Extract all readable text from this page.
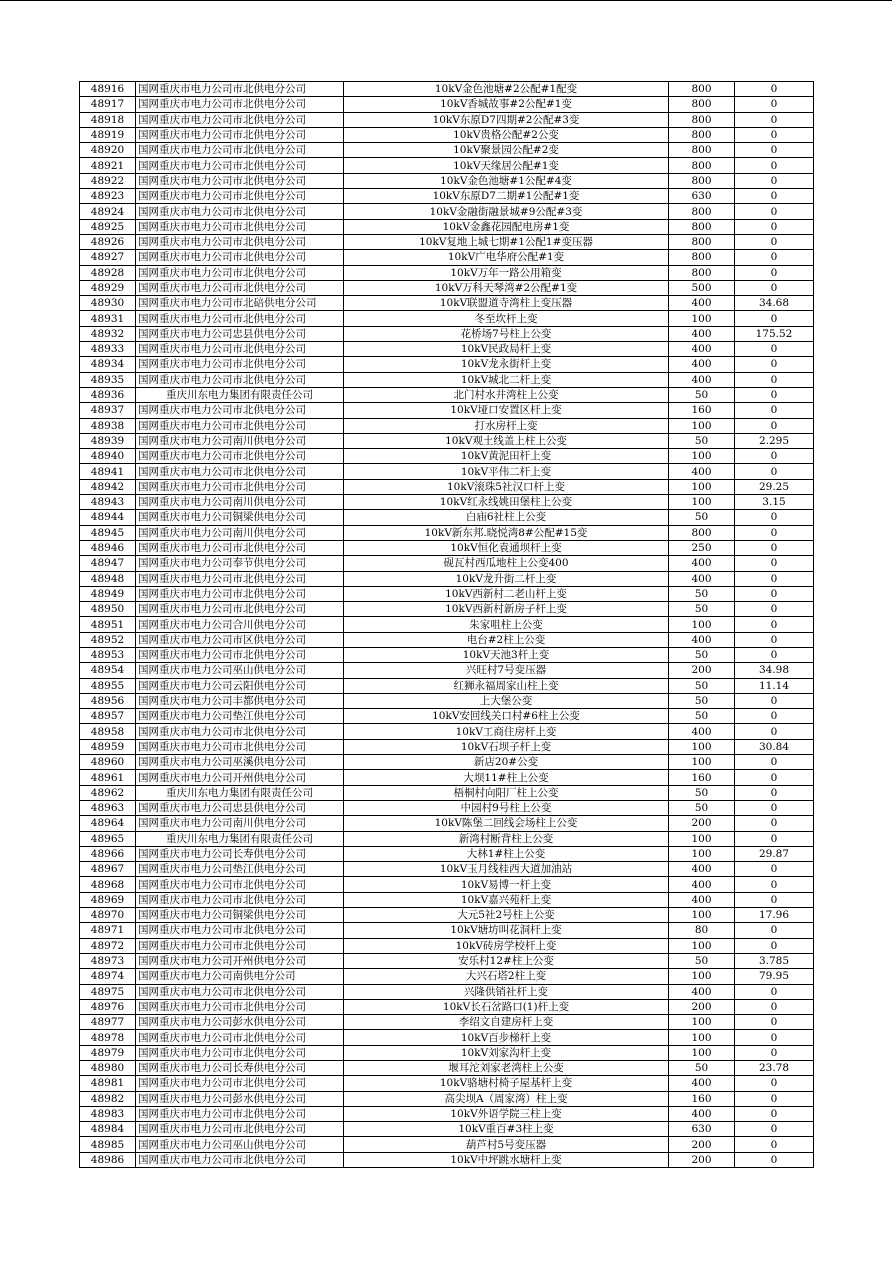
48916	国网重庆市电力公司市北供电分公司	10kV金色池塘#2公配#1配变	800	0
48917	国网重庆市电力公司市北供电分公司	10kV香城故事#2公配#1变	800	0
48918	国网重庆市电力公司市北供电分公司	10kV东原D7四期#2公配#3变	800	0
48919	国网重庆市电力公司市北供电分公司	10kV贵格公配#2公变	800	0
48920	国网重庆市电力公司市北供电分公司	10kV聚景园公配#2变	800	0
48921	国网重庆市电力公司市北供电分公司	10kV天缘居公配#1变	800	0
48922	国网重庆市电力公司市北供电分公司	10kV金色池塘#1公配#4变	800	0
48923	国网重庆市电力公司市北供电分公司	10kV东原D7二期#1公配#1变	630	0
48924	国网重庆市电力公司市北供电分公司	10kV金融街融景城#9公配#3变	800	0
48925	国网重庆市电力公司市北供电分公司	10kV金鑫花园配电房#1变	800	0
48926	国网重庆市电力公司市北供电分公司	10kV复地上城七期#1公配1#变压器	800	0
48927	国网重庆市电力公司市北供电分公司	10kV广电华府公配#1变	800	0
48928	国网重庆市电力公司市北供电分公司	10kV万年一路公用箱变	800	0
48929	国网重庆市电力公司市北供电分公司	10kV万科天琴湾#2公配#1变	500	0
48930	国网重庆市电力公司市北碚供电分公司	10kV联盟道寺湾柱上变压器	400	34.68
48931	国网重庆市电力公司市北供电分公司	冬至坎杆上变	100	0
48932	国网重庆市电力公司忠县供电分公司	花桥场7号柱上公变	400	175.52
48933	国网重庆市电力公司市北供电分公司	10kV民政局杆上变	400	0
48934	国网重庆市电力公司市北供电分公司	10kV龙永街杆上变	400	0
48935	国网重庆市电力公司市北供电分公司	10kV城北二杆上变	400	0
48936	重庆川东电力集团有限责任公司	北门村水井湾柱上公变	50	0
48937	国网重庆市电力公司市北供电分公司	10kV垭口安置区杆上变	160	0
48938	国网重庆市电力公司市北供电分公司	打水房杆上变	100	0
48939	国网重庆市电力公司南川供电分公司	10kV观土线盖上柱上公变	50	2.295
48940	国网重庆市电力公司市北供电分公司	10kV黄泥田杆上变	100	0
48941	国网重庆市电力公司市北供电分公司	10kV平伟二杆上变	400	0
48942	国网重庆市电力公司市北供电分公司	10kV滚珠5社汉口杆上变	100	29.25
48943	国网重庆市电力公司南川供电分公司	10kV红永线姚田堡柱上公变	100	3.15
48944	国网重庆市电力公司铜梁供电分公司	白庙6社柱上公变	50	0
48945	国网重庆市电力公司南川供电分公司	10kV新东邦.晓悦湾8#公配#15变	800	0
48946	国网重庆市电力公司市北供电分公司	10kV恒化袁通坝杆上变	250	0
48947	国网重庆市电力公司奉节供电分公司	砚瓦村西瓜地柱上公变400	400	0
48948	国网重庆市电力公司市北供电分公司	10kV龙升街二杆上变	400	0
48949	国网重庆市电力公司市北供电分公司	10kV西新村二老山杆上变	50	0
48950	国网重庆市电力公司市北供电分公司	10kV西新村新房子杆上变	50	0
48951	国网重庆市电力公司合川供电分公司	朱家咀柱上公变	100	0
48952	国网重庆市电力公司市区供电分公司	电台#2柱上公变	400	0
48953	国网重庆市电力公司市北供电分公司	10kV天池3杆上变	50	0
48954	国网重庆市电力公司巫山供电分公司	兴旺村7号变压器	200	34.98
48955	国网重庆市电力公司云阳供电分公司	红狮永福周家山柱上变	50	11.14
48956	国网重庆市电力公司丰都供电分公司	上大堡公变	50	0
48957	国网重庆市电力公司垫江供电分公司	10kV安回线关口村#6柱上公变	50	0
48958	国网重庆市电力公司市北供电分公司	10kV工商住房杆上变	400	0
48959	国网重庆市电力公司市北供电分公司	10kV石坝子杆上变	100	30.84
48960	国网重庆市电力公司巫溪供电分公司	新店20#公变	100	0
48961	国网重庆市电力公司开州供电分公司	大坝11#柱上公变	160	0
48962	重庆川东电力集团有限责任公司	梧桐村向阳厂柱上公变	50	0
48963	国网重庆市电力公司忠县供电分公司	中园村9号柱上公变	50	0
48964	国网重庆市电力公司南川供电分公司	10kV陈堡二回线会场柱上公变	200	0
48965	重庆川东电力集团有限责任公司	新湾村断背柱上公变	100	0
48966	国网重庆市电力公司长寿供电分公司	大林1#柱上公变	100	29.87
48967	国网重庆市电力公司垫江供电分公司	10kV玉月线桂西大道加油站	400	0
48968	国网重庆市电力公司市北供电分公司	10kV易博一杆上变	400	0
48969	国网重庆市电力公司市北供电分公司	10kV嘉兴苑杆上变	400	0
48970	国网重庆市电力公司铜梁供电分公司	大元5社2号柱上公变	100	17.96
48971	国网重庆市电力公司市北供电分公司	10kV塘坊叫花洞杆上变	80	0
48972	国网重庆市电力公司市北供电分公司	10kV砖房学校杆上变	100	0
48973	国网重庆市电力公司开州供电分公司	安乐村12#柱上公变	50	3.785
48974	国网重庆市电力公司南供电分公司	大兴石塔2柱上变	100	79.95
48975	国网重庆市电力公司市北供电分公司	兴隆供销社杆上变	400	0
48976	国网重庆市电力公司市北供电分公司	10kV长石岔路口(1)杆上变	200	0
48977	国网重庆市电力公司彭水供电分公司	李绍文自建房杆上变	100	0
48978	国网重庆市电力公司市北供电分公司	10kV百步梯杆上变	100	0
48979	国网重庆市电力公司市北供电分公司	10kV刘家沟杆上变	100	0
48980	国网重庆市电力公司长寿供电分公司	堰耳沱刘家老湾柱上公变	50	23.78
48981	国网重庆市电力公司市北供电分公司	10kV骆塘村椅子屋基杆上变	400	0
48982	国网重庆市电力公司彭水供电分公司	高尖坝A（周家湾）柱上变	160	0
48983	国网重庆市电力公司市北供电分公司	10kV外语学院三柱上变	400	0
48984	国网重庆市电力公司市北供电分公司	10kV重百#3柱上变	630	0
48985	国网重庆市电力公司巫山供电分公司	葫芦村5号变压器	200	0
48986	国网重庆市电力公司市北供电分公司	10kV中坪跳水塘杆上变	200	0
